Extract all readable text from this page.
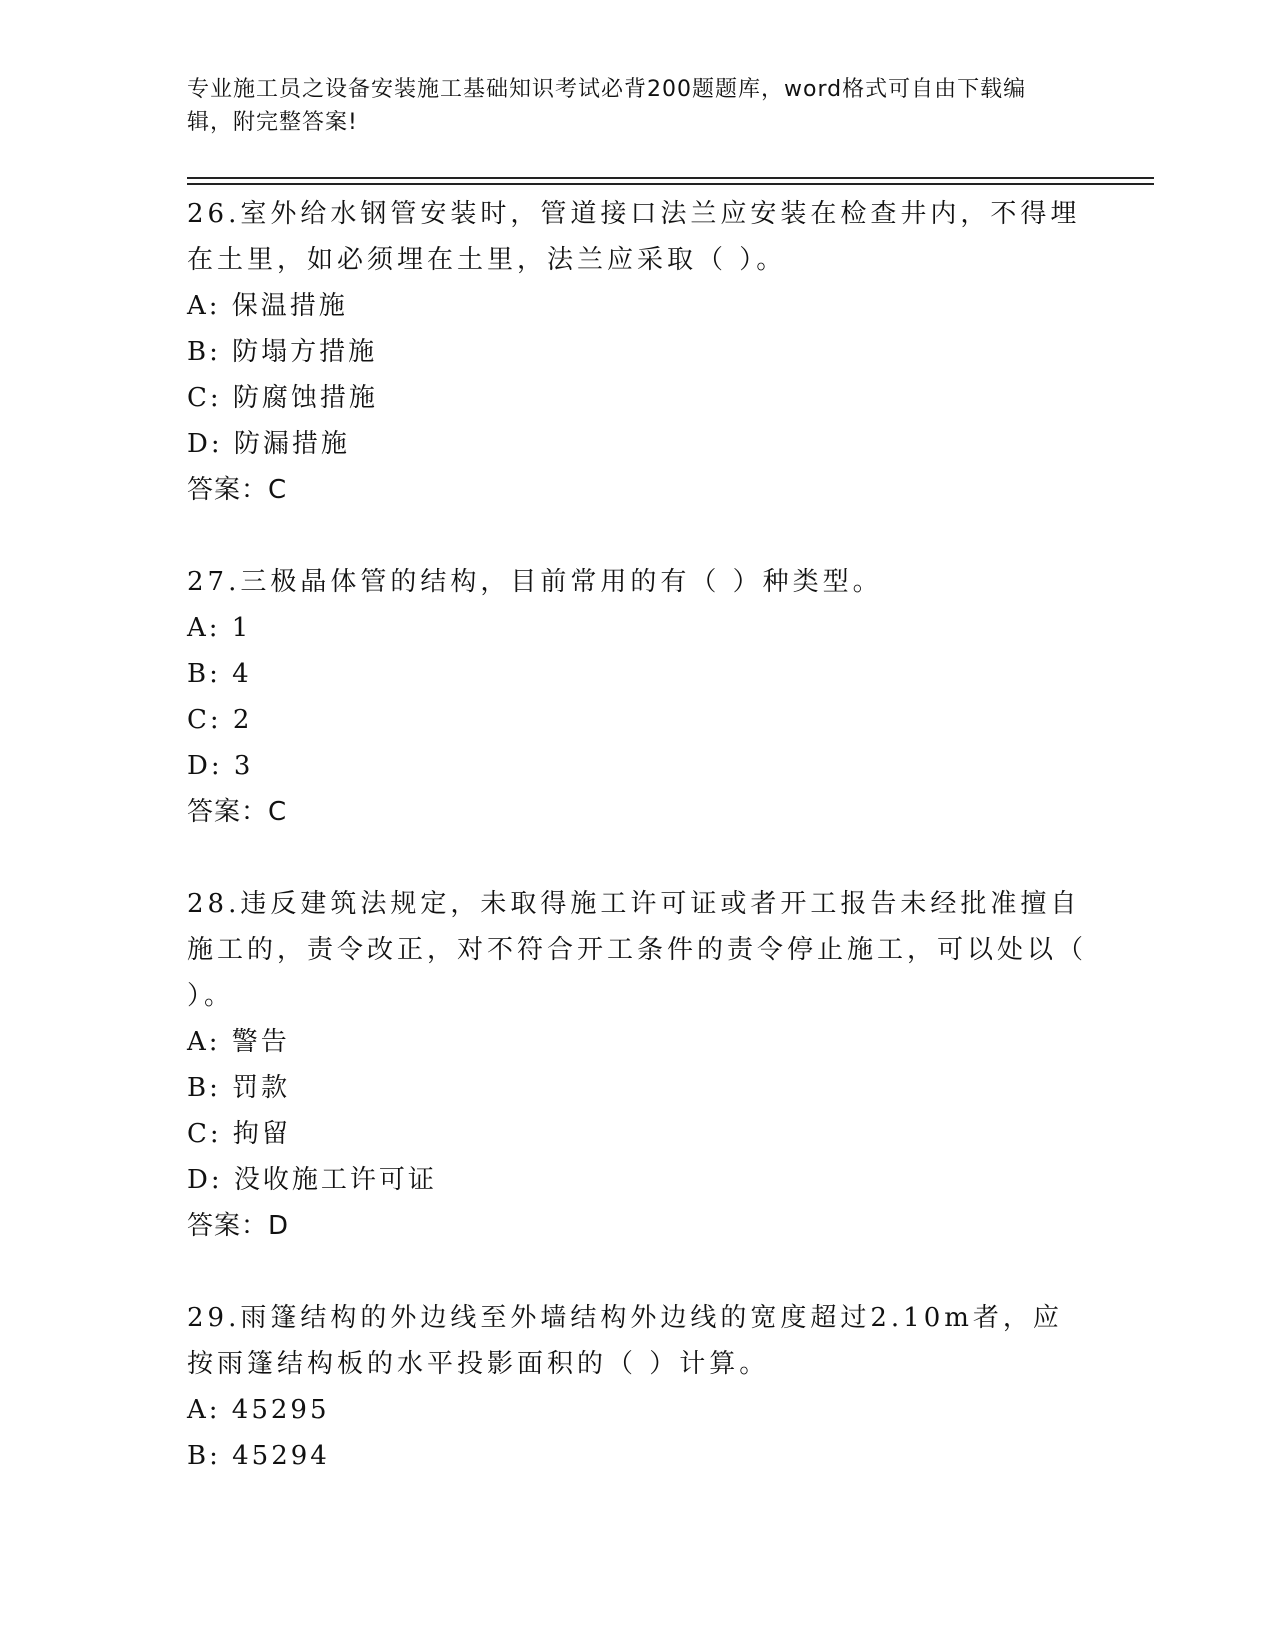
专业施工员之设备安装施工基础知识考试必背200题题库，word格式可自由下载编辑，附完整答案!
26.室外给水钢管安装时，管道接口法兰应安装在检查井内，不得埋在土里，如必须埋在土里，法兰应采取（ ）。
A: 保温措施
B: 防塌方措施
C: 防腐蚀措施
D: 防漏措施
答案：C
27.三极晶体管的结构，目前常用的有（ ）种类型。
A: 1
B: 4
C: 2
D: 3
答案：C
28.违反建筑法规定，未取得施工许可证或者开工报告未经批准擅自施工的，责令改正，对不符合开工条件的责令停止施工，可以处以（ ）。
A: 警告
B: 罚款
C: 拘留
D: 没收施工许可证
答案：D
29.雨篷结构的外边线至外墙结构外边线的宽度超过2.10m者，应按雨篷结构板的水平投影面积的（ ）计算。
A: 45295
B: 45294
